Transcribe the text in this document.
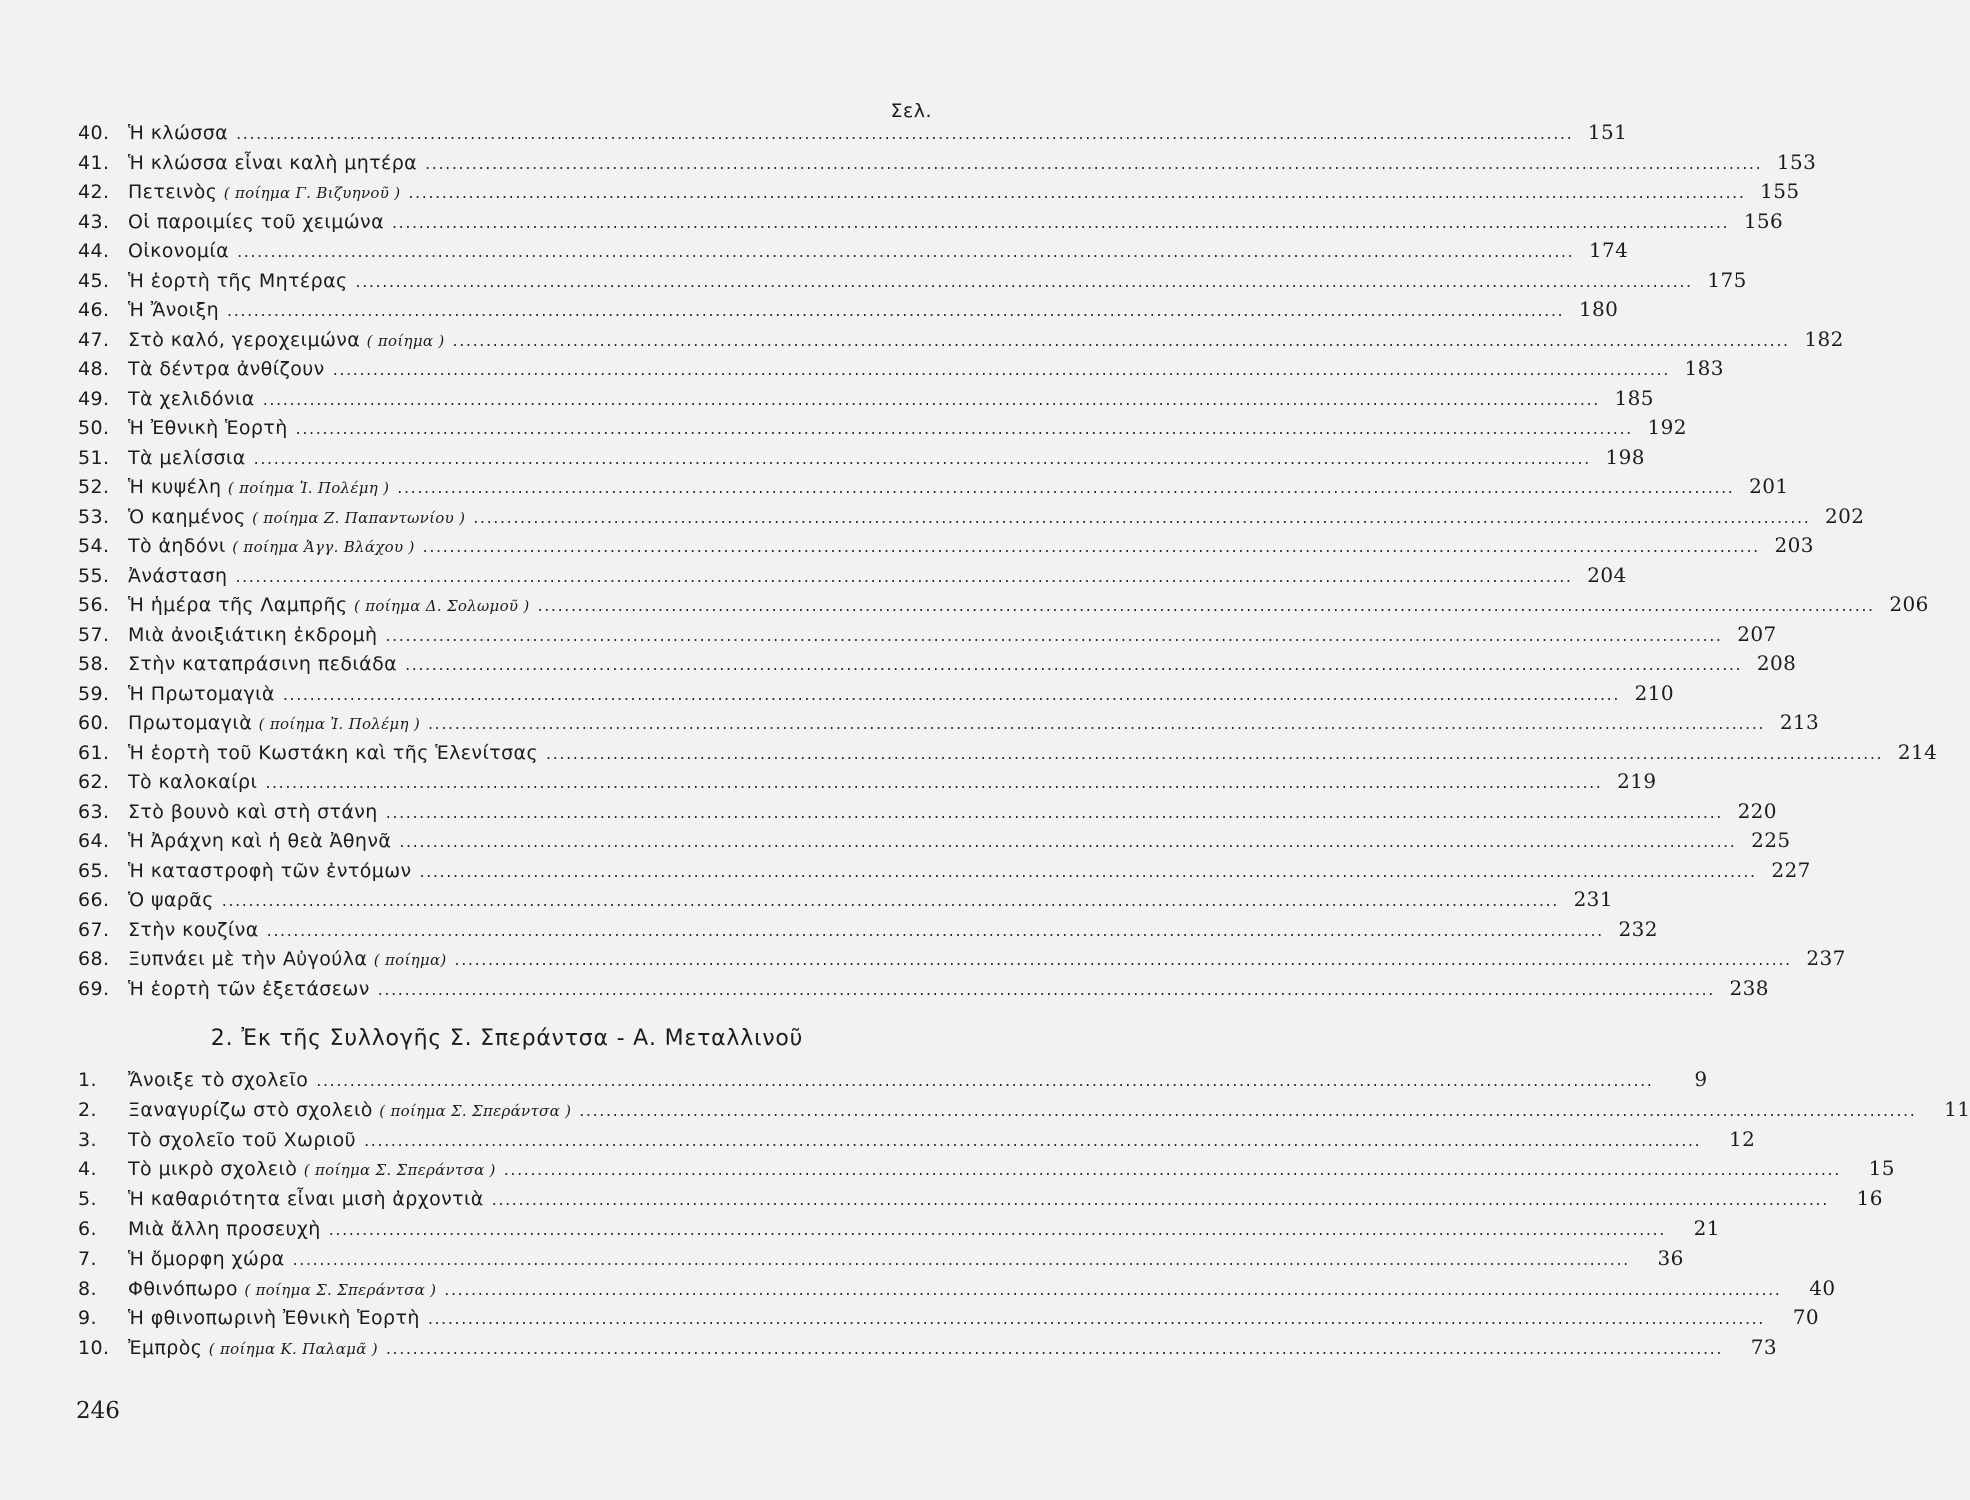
Σελ.
40. Ἡ κλώσσα ........................................................................................................................................................................................................ 151
41. Ἡ κλώσσα εἶναι καλὴ μητέρα ........................................................................................................................................................................................................ 153
42. Πετεινὸς ( ποίημα Γ. Βιζυηνοῦ ) ........................................................................................................................................................................................................ 155
43. Οἱ παροιμίες τοῦ χειμώνα ........................................................................................................................................................................................................ 156
44. Οἰκονομία ........................................................................................................................................................................................................ 174
45. Ἡ ἑορτὴ τῆς Μητέρας ........................................................................................................................................................................................................ 175
46. Ἡ Ἄνοιξη ........................................................................................................................................................................................................ 180
47. Στὸ καλό, γεροχειμώνα ( ποίημα ) ........................................................................................................................................................................................................ 182
48. Τὰ δέντρα ἀνθίζουν ........................................................................................................................................................................................................ 183
49. Τὰ χελιδόνια ........................................................................................................................................................................................................ 185
50. Ἡ Ἐθνικὴ Ἑορτὴ ........................................................................................................................................................................................................ 192
51. Τὰ μελίσσια ........................................................................................................................................................................................................ 198
52. Ἡ κυψέλη ( ποίημα Ἰ. Πολέμη ) ........................................................................................................................................................................................................ 201
53. Ὁ καημένος ( ποίημα Ζ. Παπαντωνίου ) ........................................................................................................................................................................................................ 202
54. Τὸ ἀηδόνι ( ποίημα Ἀγγ. Βλάχου ) ........................................................................................................................................................................................................ 203
55. Ἀνάσταση ........................................................................................................................................................................................................ 204
56. Ἡ ἡμέρα τῆς Λαμπρῆς ( ποίημα Δ. Σολωμοῦ ) ........................................................................................................................................................................................................ 206
57. Μιὰ ἀνοιξιάτικη ἐκδρομὴ ........................................................................................................................................................................................................ 207
58. Στὴν καταπράσινη πεδιάδα ........................................................................................................................................................................................................ 208
59. Ἡ Πρωτομαγιὰ ........................................................................................................................................................................................................ 210
60. Πρωτομαγιὰ ( ποίημα Ἰ. Πολέμη ) ........................................................................................................................................................................................................ 213
61. Ἡ ἑορτὴ τοῦ Κωστάκη καὶ τῆς Ἑλενίτσας ........................................................................................................................................................................................................ 214
62. Τὸ καλοκαίρι ........................................................................................................................................................................................................ 219
63. Στὸ βουνὸ καὶ στὴ στάνη ........................................................................................................................................................................................................ 220
64. Ἡ Ἀράχνη καὶ ἡ θεὰ Ἀθηνᾶ ........................................................................................................................................................................................................ 225
65. Ἡ καταστροφὴ τῶν ἐντόμων ........................................................................................................................................................................................................ 227
66. Ὁ ψαρᾶς ........................................................................................................................................................................................................ 231
67. Στὴν κουζίνα ........................................................................................................................................................................................................ 232
68. Ξυπνάει μὲ τὴν Αὐγούλα ( ποίημα) ........................................................................................................................................................................................................ 237
69. Ἡ ἑορτὴ τῶν ἐξετάσεων ........................................................................................................................................................................................................ 238
2. Ἐκ τῆς Συλλογῆς Σ. Σπεράντσα - Α. Μεταλλινοῦ
1.	Ἄνοιξε τὸ σχολεῖο ........................................................................................................................................................................................................	9
2.	Ξαναγυρίζω στὸ σχολειὸ ( ποίημα Σ. Σπεράντσα ) ........................................................................................................................................................................................................	11
3.	Τὸ σχολεῖο τοῦ Χωριοῦ ........................................................................................................................................................................................................	12
4.	Τὸ μικρὸ σχολειὸ ( ποίημα Σ. Σπεράντσα ) ........................................................................................................................................................................................................	15
5.	Ἡ καθαριότητα εἶναι μισὴ ἀρχοντιὰ ........................................................................................................................................................................................................	16
6.	Μιὰ ἄλλη προσευχὴ ........................................................................................................................................................................................................	21
7.	Ἡ ὄμορφη χώρα ........................................................................................................................................................................................................	36
8.	Φθινόπωρο ( ποίημα Σ. Σπεράντσα ) ........................................................................................................................................................................................................	40
9.	Ἡ φθινοπωρινὴ Ἐθνικὴ Ἑορτὴ ........................................................................................................................................................................................................	70
10. Ἐμπρὸς ( ποίημα Κ. Παλαμᾶ ) ........................................................................................................................................................................................................	73
246
